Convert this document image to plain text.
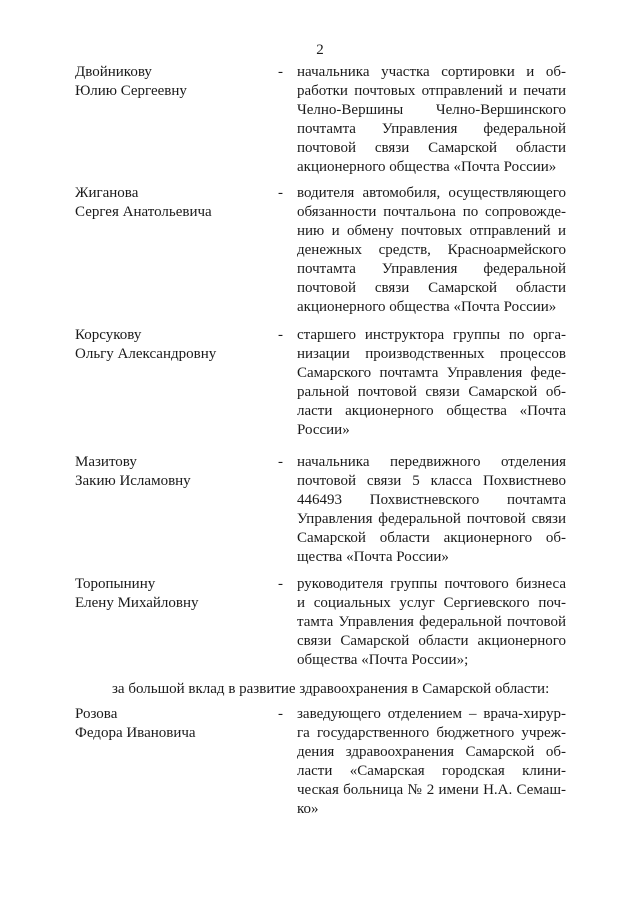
2
Двойникову
Юлию Сергеевну
- начальника участка сортировки и об-
работки почтовых отправлений и печати
Челно-Вершины Челно-Вершинского
почтамта Управления федеральной
почтовой связи Самарской области
акционерного общества «Почта России»
Жиганова
Сергея Анатольевича
- водителя автомобиля, осуществляющего
обязанности почтальона по сопровожде-
нию и обмену почтовых отправлений и
денежных средств, Красноармейского
почтамта Управления федеральной
почтовой связи Самарской области
акционерного общества «Почта России»
Корсукову
Ольгу Александровну
- старшего инструктора группы по орга-
низации производственных процессов
Самарского почтамта Управления феде-
ральной почтовой связи Самарской об-
ласти акционерного общества «Почта
России»
Мазитову
Закию Исламовну
- начальника передвижного отделения
почтовой связи 5 класса Похвистнево
446493 Похвистневского почтамта
Управления федеральной почтовой связи
Самарской области акционерного об-
щества «Почта России»
Торопынину
Елену Михайловну
- руководителя группы почтового бизнеса
и социальных услуг Сергиевского поч-
тамта Управления федеральной почтовой
связи Самарской области акционерного
общества «Почта России»;
за большой вклад в развитие здравоохранения в Самарской области:
Розова
Федора Ивановича
- заведующего отделением – врача-хирур-
га государственного бюджетного учреж-
дения здравоохранения Самарской об-
ласти «Самарская городская клини-
ческая больница № 2 имени Н.А. Семаш-
ко»
